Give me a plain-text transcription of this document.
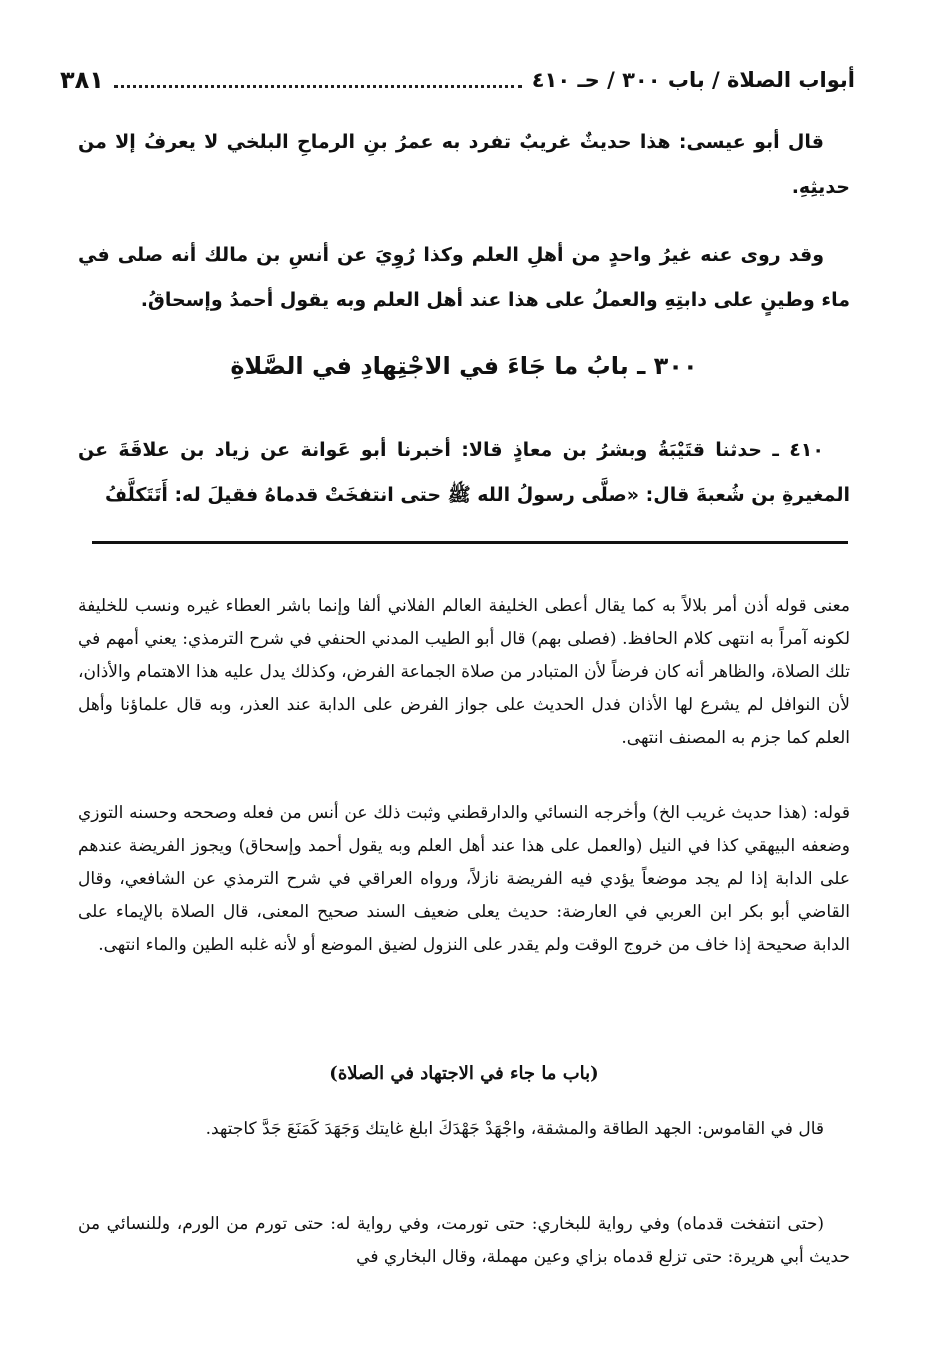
أبواب الصلاة / باب ٣٠٠ / حـ ٤١٠
٣٨١

قال أبو عيسى: هذا حديثٌ غريبٌ تفرد به عمرُ بنِ الرماحِ البلخي لا يعرفُ إلا من حديثِهِ.

وقد روى عنه غيرُ واحدٍ من أهلِ العلم وكذا رُوِيَ عن أنسِ بن مالك أنه صلى في ماء وطينٍ على دابتِهِ والعملُ على هذا عند أهل العلم وبه يقول أحمدُ وإسحاقُ.

٣٠٠ ـ بابُ ما جَاءَ في الاجْتِهادِ في الصَّلاةِ

٤١٠ ـ حدثنا قتَيْبَةُ وبشرُ بن معاذٍ قالا: أخبرنا أبو عَوانة عن زياد بن علاقَةَ عن المغيرةِ بن شُعبةَ قال: «صلَّى رسولُ الله ﷺ حتى انتفخَتْ قدماهُ فقيلَ له: أَتَتَكلَّفُ

معنى قوله أذن أمر بلالاً به كما يقال أعطى الخليفة العالم الفلاني ألفا وإنما باشر العطاء غيره ونسب للخليفة لكونه آمراً به انتهى كلام الحافظ. (فصلى بهم) قال أبو الطيب المدني الحنفي في شرح الترمذي: يعني أمهم في تلك الصلاة، والظاهر أنه كان فرضاً لأن المتبادر من صلاة الجماعة الفرض، وكذلك يدل عليه هذا الاهتمام والأذان، لأن النوافل لم يشرع لها الأذان فدل الحديث على جواز الفرض على الدابة عند العذر، وبه قال علماؤنا وأهل العلم كما جزم به المصنف انتهى.

قوله: (هذا حديث غريب الخ) وأخرجه النسائي والدارقطني وثبت ذلك عن أنس من فعله وصححه وحسنه التوزي وضعفه البيهقي كذا في النيل (والعمل على هذا عند أهل العلم وبه يقول أحمد وإسحاق) ويجوز الفريضة عندهم على الدابة إذا لم يجد موضعاً يؤدي فيه الفريضة نازلاً، ورواه العراقي في شرح الترمذي عن الشافعي، وقال القاضي أبو بكر ابن العربي في العارضة: حديث يعلى ضعيف السند صحيح المعنى، قال الصلاة بالإيماء على الدابة صحيحة إذا خاف من خروج الوقت ولم يقدر على النزول لضيق الموضع أو لأنه غلبه الطين والماء انتهى.

(باب ما جاء في الاجتهاد في الصلاة)

قال في القاموس: الجهد الطاقة والمشقة، واجْهَدْ جَهْدَكَ ابلغ غايتك وَجَهَدَ كَمَنَعَ جَدَّ كاجتهد.

(حتى انتفخت قدماه) وفي رواية للبخاري: حتى تورمت، وفي رواية له: حتى تورم من الورم، وللنسائي من حديث أبي هريرة: حتى تزلع قدماه بزاي وعين مهملة، وقال البخاري في
